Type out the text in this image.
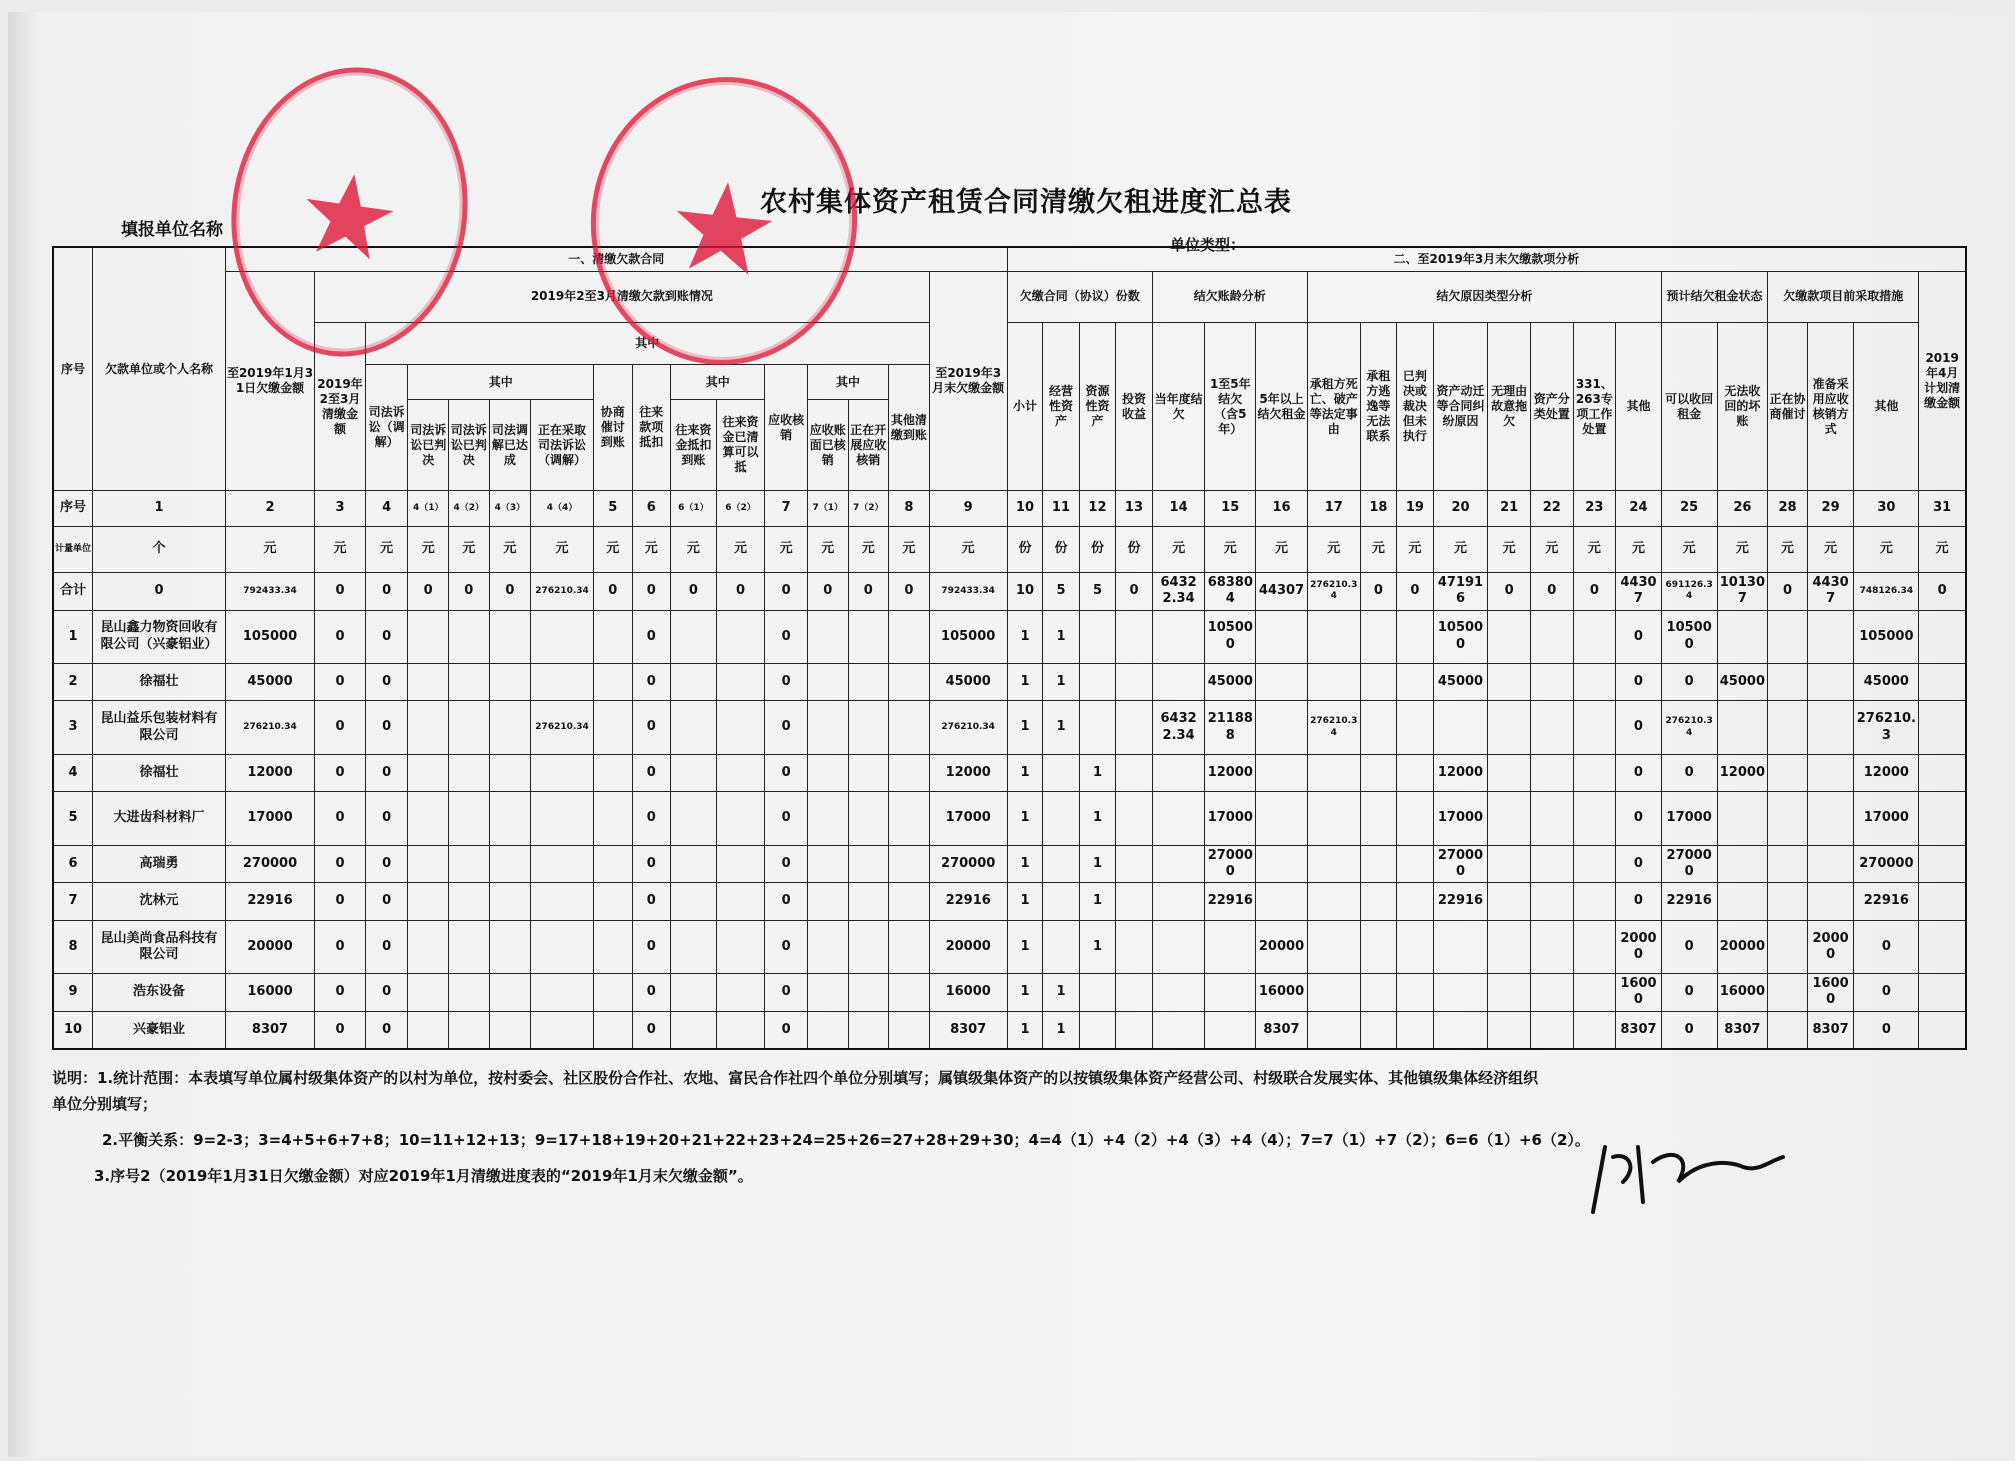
农村集体资产租赁合同清缴欠租进度汇总表
填报单位名称
单位类型：
序号	欠款单位或个人名称	一、清缴欠款合同																二、至2019年3月末欠缴款项分析																				
		至2019年1月31日欠缴金额	2019年2至3月清缴欠款到账情况														至2019年3月末欠缴金额	欠缴合同（协议）份数				结欠账龄分析			结欠原因类型分析								预计结欠租金状态		欠缴款项目前采取措施			2019年4月计划清缴金额
			2019年2至3月清缴金额	其中														小计	经营性资产	资源性资产	投资收益	当年度结欠	1至5年结欠（含5年）	5年以上结欠租金	承租方死亡、破产等法定事由	承租方逃逸等无法联系	已判决或裁决但未执行	资产动迁等合同纠纷原因	无理由故意拖欠	资产分类处置	331、263专项工作处置	其他	可以收回租金	无法收回的坏账	正在协商催讨	准备采用应收核销方式	其他	
				司法诉讼（调解）	其中				协商催讨到账	往来款项抵扣	其中		应收核销	其中		其他清缴到账																						
					司法诉讼已判决	司法诉讼已判决	司法调解已达成	正在采取司法诉讼（调解）			往来资金抵扣到账	往来资金已清算可以抵		应收账面已核销	正在开展应收核销																							
序号	1	2	3	4	4（1）	4（2）	4（3）	4（4）	5	6	6（1）	6（2）	7	7（1）	7（2）	8	9	10	11	12	13	14	15	16	17	18	19	20	21	22	23	24	25	26	28	29	30	31
计量单位	个	元	元	元	元	元	元	元	元	元	元	元	元	元	元	元	元	份	份	份	份	元	元	元	元	元	元	元	元	元	元	元	元	元	元	元	元	元
合计	0	792433.34	0	0	0	0	0	276210.34	0	0	0	0	0	0	0	0	792433.34	10	5	5	0	64322.34	683804	44307	276210.34	0	0	471916	0	0	0	44307	691126.34	101307	0	44307	748126.34	0
1	昆山鑫力物资回收有限公司（兴豪铝业）	105000	0	0						0			0				105000	1	1				105000					105000				0	105000				105000	
2	徐福壮	45000	0	0						0			0				45000	1	1				45000					45000				0	0	45000			45000	
3	昆山益乐包装材料有限公司	276210.34	0	0				276210.34		0			0				276210.34	1	1			64322.34	211888		276210.34							0	276210.34				276210.3	
4	徐福壮	12000	0	0						0			0				12000	1		1			12000					12000				0	0	12000			12000	
5	大进齿科材料厂	17000	0	0						0			0				17000	1		1			17000					17000				0	17000				17000	
6	高瑞勇	270000	0	0						0			0				270000	1		1			270000					270000				0	270000				270000	
7	沈林元	22916	0	0						0			0				22916	1		1			22916					22916				0	22916				22916	
8	昆山美尚食品科技有限公司	20000	0	0						0			0				20000	1		1				20000								20000	0	20000		20000	0	
9	浩东设备	16000	0	0						0			0				16000	1	1					16000								16000	0	16000		16000	0	
10	兴豪铝业	8307	0	0						0			0				8307	1	1					8307								8307	0	8307		8307	0	
说明：1.统计范围：本表填写单位属村级集体资产的以村为单位，按村委会、社区股份合作社、农地、富民合作社四个单位分别填写；属镇级集体资产的以按镇级集体资产经营公司、村级联合发展实体、其他镇级集体经济组织
单位分别填写；
2.平衡关系：9=2-3；3=4+5+6+7+8；10=11+12+13；9=17+18+19+20+21+22+23+24=25+26=27+28+29+30；4=4（1）+4（2）+4（3）+4（4）；7=7（1）+7（2）；6=6（1）+6（2）。
3.序号2（2019年1月31日欠缴金额）对应2019年1月清缴进度表的“2019年1月末欠缴金额”。
